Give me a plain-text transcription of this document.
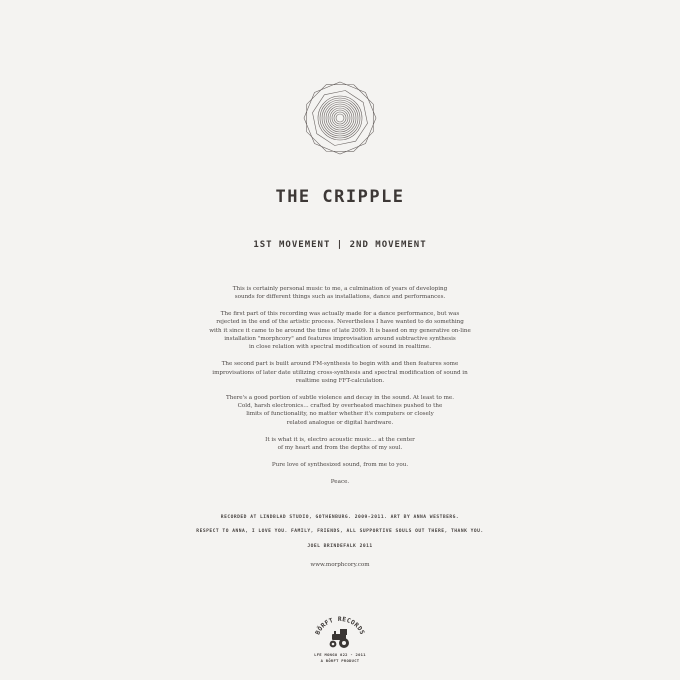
THE CRIPPLE
1ST MOVEMENT | 2ND MOVEMENT

This is certainly personal music to me, a culmination of years of developing
sounds for different things such as installations, dance and performances.

The first part of this recording was actually made for a dance performance, but was
rejected in the end of the artistic process. Nevertheless I have wanted to do something
with it since it came to be around the time of late 2009. It is based on my generative on-line
installation "morphcory" and features improvisation around subtractive synthesis
in close relation with spectral modification of sound in realtime.

The second part is built around FM-synthesis to begin with and then features some
improvisations of later date utilizing cross-synthesis and spectral modification of sound in
realtime using FFT-calculation.

There's a good portion of subtle violence and decay in the sound. At least to me.
Cold, harsh electronics... crafted by overheated machines pushed to the
limits of functionality, no matter whether it's computers or closely
related analogue or digital hardware.

It is what it is, electro acoustic music... at the center
of my heart and from the depths of my soul.

Pure love of synthesized sound, from me to you.

Peace.

RECORDED AT LINDBLAD STUDIO, GOTHENBURG. 2009-2011. ART BY ANNA WESTBERG.
RESPECT TO ANNA, I LOVE YOU. FAMILY, FRIENDS, ALL SUPPORTIVE SOULS OUT THERE, THANK YOU.
JOEL BRINDEFALK 2011
www.morphcory.com
BÖRFT RECORDS
LFE MONGO 022 - 2011
A BÖRFT PRODUCT
